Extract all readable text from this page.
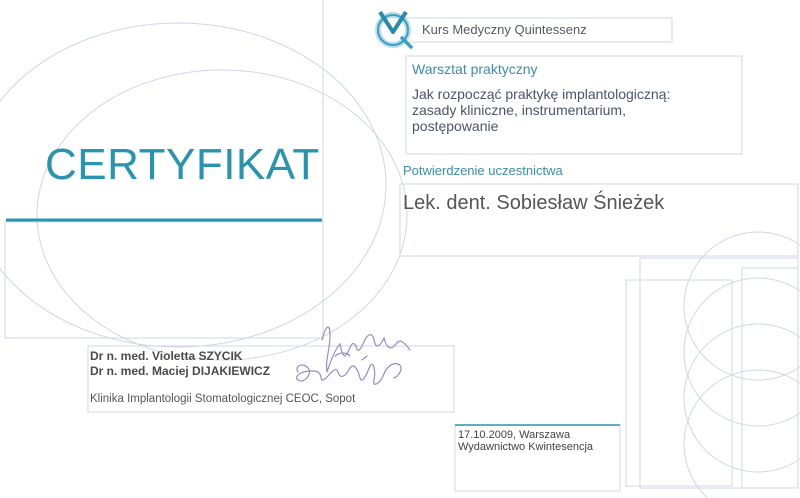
Kurs Medyczny Quintessenz
Warsztat praktyczny
Jak rozpocząć praktykę implantologiczną:
zasady kliniczne, instrumentarium,
postępowanie
CERTYFIKAT	Potwierdzenie uczestnictwa
Lek. dent. Sobiesław Śnieżek
Dr n. med. Violetta SZYCIK
Dr n. med. Maciej DIJAKIEWICZ
Klinika Implantologii Stomatologicznej CEOC, Sopot
17.10.2009, Warszawa
Wydawnictwo Kwintesencja
